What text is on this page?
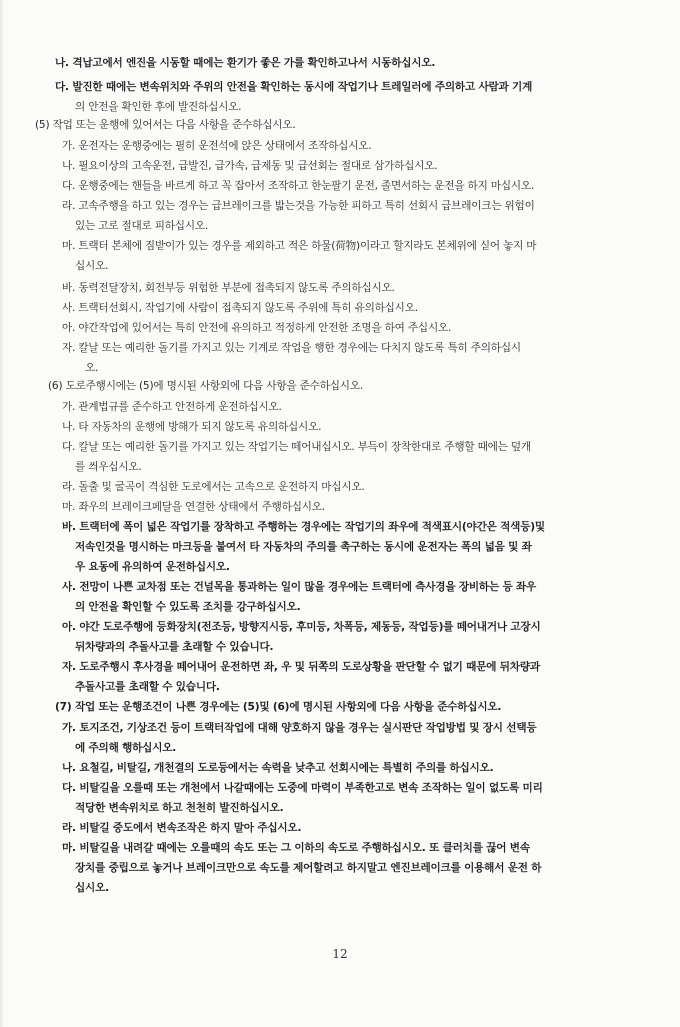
나. 격납고에서 엔진을 시동할 때에는 환기가 좋은 가를 확인하고나서 시동하십시오.
다. 발진한 때에는 변속위치와 주위의 안전을 확인하는 동시에 작업기나 트레일러에 주의하고 사람과 기계
의 안전을 확인한 후에 발진하십시오.
(5) 작업 또는 운행에 있어서는 다음 사항을 준수하십시오.
가. 운전자는 운행중에는 필히 운전석에 앉은 상태에서 조작하십시오.
나. 필요이상의 고속운전, 급발진, 급가속, 급제동 및 급선회는 절대로 삼가하십시오.
다. 운행중에는 핸들을 바르게 하고 꼭 잡아서 조작하고 한눈팔기 운전, 졸면서하는 운전을 하지 마십시오.
라. 고속주행을 하고 있는 경우는 급브레이크를 밟는것을 가능한 피하고 특히 선회시 급브레이크는 위험이
있는 고로 절대로 피하십시오.
마. 트랙터 본체에 짐받이가 있는 경우를 제외하고 적은 하물(荷物)이라고 할지라도 본체위에 싣어 놓지 마
십시오.
바. 동력전달장치, 회전부등 위험한 부분에 접촉되지 않도록 주의하십시오.
사. 트랙터선회시, 작업기에 사람이 접촉되지 않도록 주위에 특히 유의하십시오.
아. 야간작업에 있어서는 특히 안전에 유의하고 적정하게 안전한 조명을 하여 주십시오.
자. 칼날 또는 예리한 돌기를 가지고 있는 기계로 작업을 행한 경우에는 다치지 않도록 특히 주의하십시
오.
(6) 도로주행시에는 (5)에 명시된 사항외에 다음 사항을 준수하십시오.
가. 관계법규를 준수하고 안전하게 운전하십시오.
나. 타 자동차의 운행에 방해가 되지 않도록 유의하십시오.
다. 칼날 또는 예리한 돌기를 가지고 있는 작업기는 떼어내십시오. 부득이 장착한대로 주행할 때에는 덮개
를 씌우십시오.
라. 돌출 및 굴곡이 격심한 도로에서는 고속으로 운전하지 마십시오.
마. 좌우의 브레이크페달을 연결한 상태에서 주행하십시오.
바. 트랙터에 폭이 넓은 작업기를 장착하고 주행하는 경우에는 작업기의 좌우에 적색표시(야간은 적색등)및
저속인것을 명시하는 마크등을 붙여서 타 자동차의 주의를 촉구하는 동시에 운전자는 폭의 넓음 및 좌
우 요동에 유의하여 운전하십시오.
사. 전망이 나쁜 교차점 또는 건널목을 통과하는 일이 많을 경우에는 트랙터에 측사경을 장비하는 등 좌우
의 안전을 확인할 수 있도록 조치를 강구하십시오.
아. 야간 도로주행에 등화장치(전조등, 방향지시등, 후미등, 차폭등, 제동등, 작업등)를 떼어내거나 고장시
뒤차량과의 추돌사고를 초래할 수 있습니다.
자. 도로주행시 후사경을 떼어내어 운전하면 좌, 우 및 뒤쪽의 도로상황을 판단할 수 없기 때문에 뒤차량과
추돌사고를 초래할 수 있습니다.
(7) 작업 또는 운행조건이 나쁜 경우에는 (5)및 (6)에 명시된 사항외에 다음 사항을 준수하십시오.
가. 토지조건, 기상조건 등이 트랙터작업에 대해 양호하지 않을 경우는 실시판단 작업방법 및 장시 선택등
에 주의해 행하십시오.
나. 요철길, 비탈길, 개천결의 도로등에서는 속력을 낮추고 선회시에는 특별히 주의를 하십시오.
다. 비탈길을 오를때 또는 개천에서 나갈때에는 도중에 마력이 부족한고로 변속 조작하는 일이 없도록 미리
적당한 변속위치로 하고 천천히 발진하십시오.
라. 비탈길 중도에서 변속조작은 하지 말아 주십시오.
마. 비탈길을 내려갈 때에는 오를때의 속도 또는 그 이하의 속도로 주행하십시오. 또 클러치를 끊어 변속
장치를 중립으로 놓거나 브레이크만으로 속도를 제어할려고 하지말고 엔진브레이크를 이용해서 운전 하
십시오.
12
